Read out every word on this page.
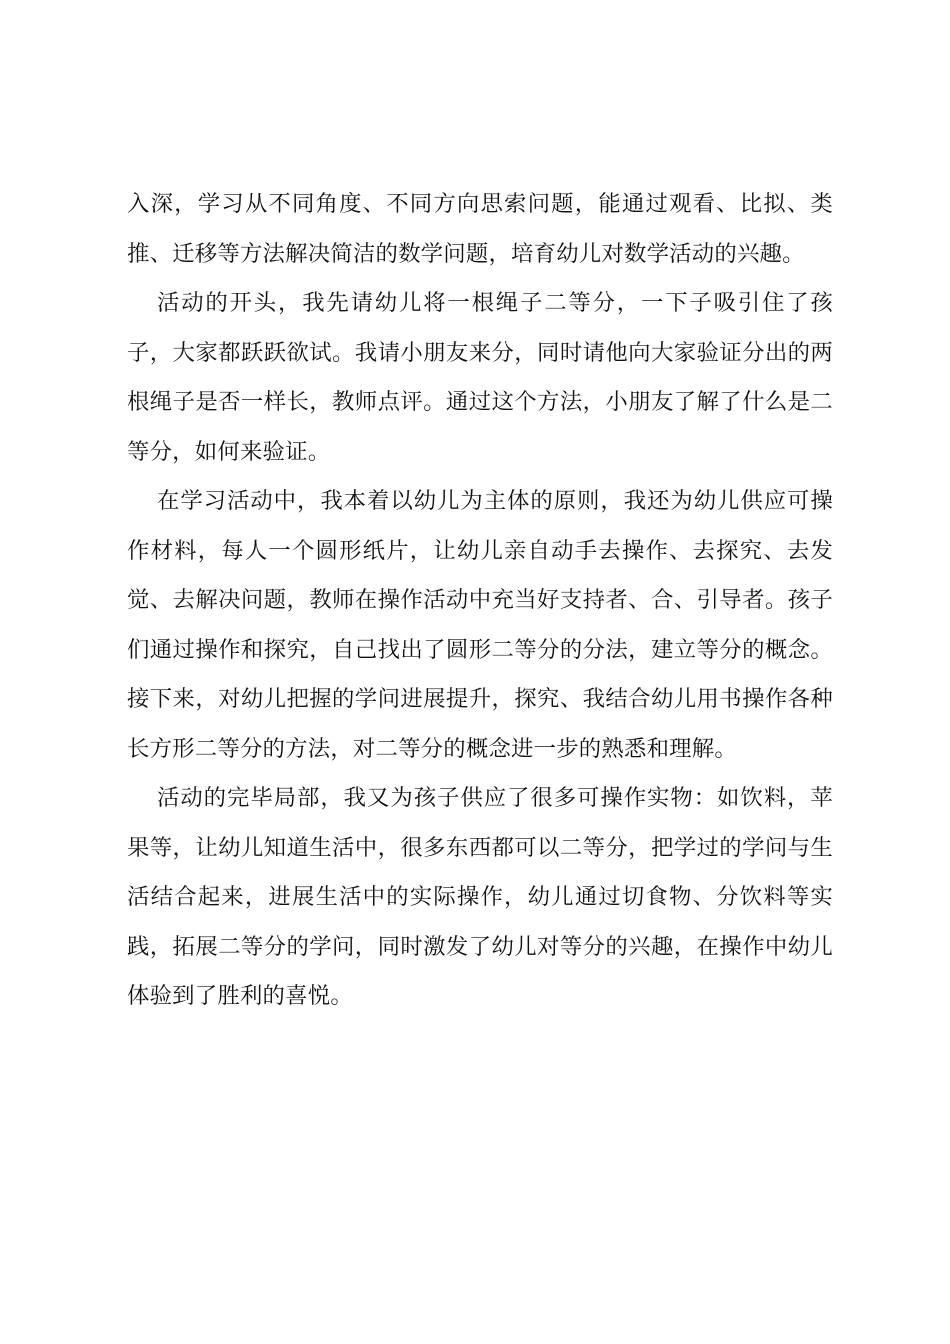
入深，学习从不同角度、不同方向思索问题，能通过观看、比拟、类推、迁移等方法解决简洁的数学问题，培育幼儿对数学活动的兴趣。

活动的开头，我先请幼儿将一根绳子二等分，一下子吸引住了孩子，大家都跃跃欲试。我请小朋友来分，同时请他向大家验证分出的两根绳子是否一样长，教师点评。通过这个方法，小朋友了解了什么是二等分，如何来验证。

在学习活动中，我本着以幼儿为主体的原则，我还为幼儿供应可操作材料，每人一个圆形纸片，让幼儿亲自动手去操作、去探究、去发觉、去解决问题，教师在操作活动中充当好支持者、合、引导者。孩子们通过操作和探究，自己找出了圆形二等分的分法，建立等分的概念。接下来，对幼儿把握的学问进展提升，探究、我结合幼儿用书操作各种长方形二等分的方法，对二等分的概念进一步的熟悉和理解。

活动的完毕局部，我又为孩子供应了很多可操作实物：如饮料，苹果等，让幼儿知道生活中，很多东西都可以二等分，把学过的学问与生活结合起来，进展生活中的实际操作，幼儿通过切食物、分饮料等实践，拓展二等分的学问，同时激发了幼儿对等分的兴趣，在操作中幼儿体验到了胜利的喜悦。
